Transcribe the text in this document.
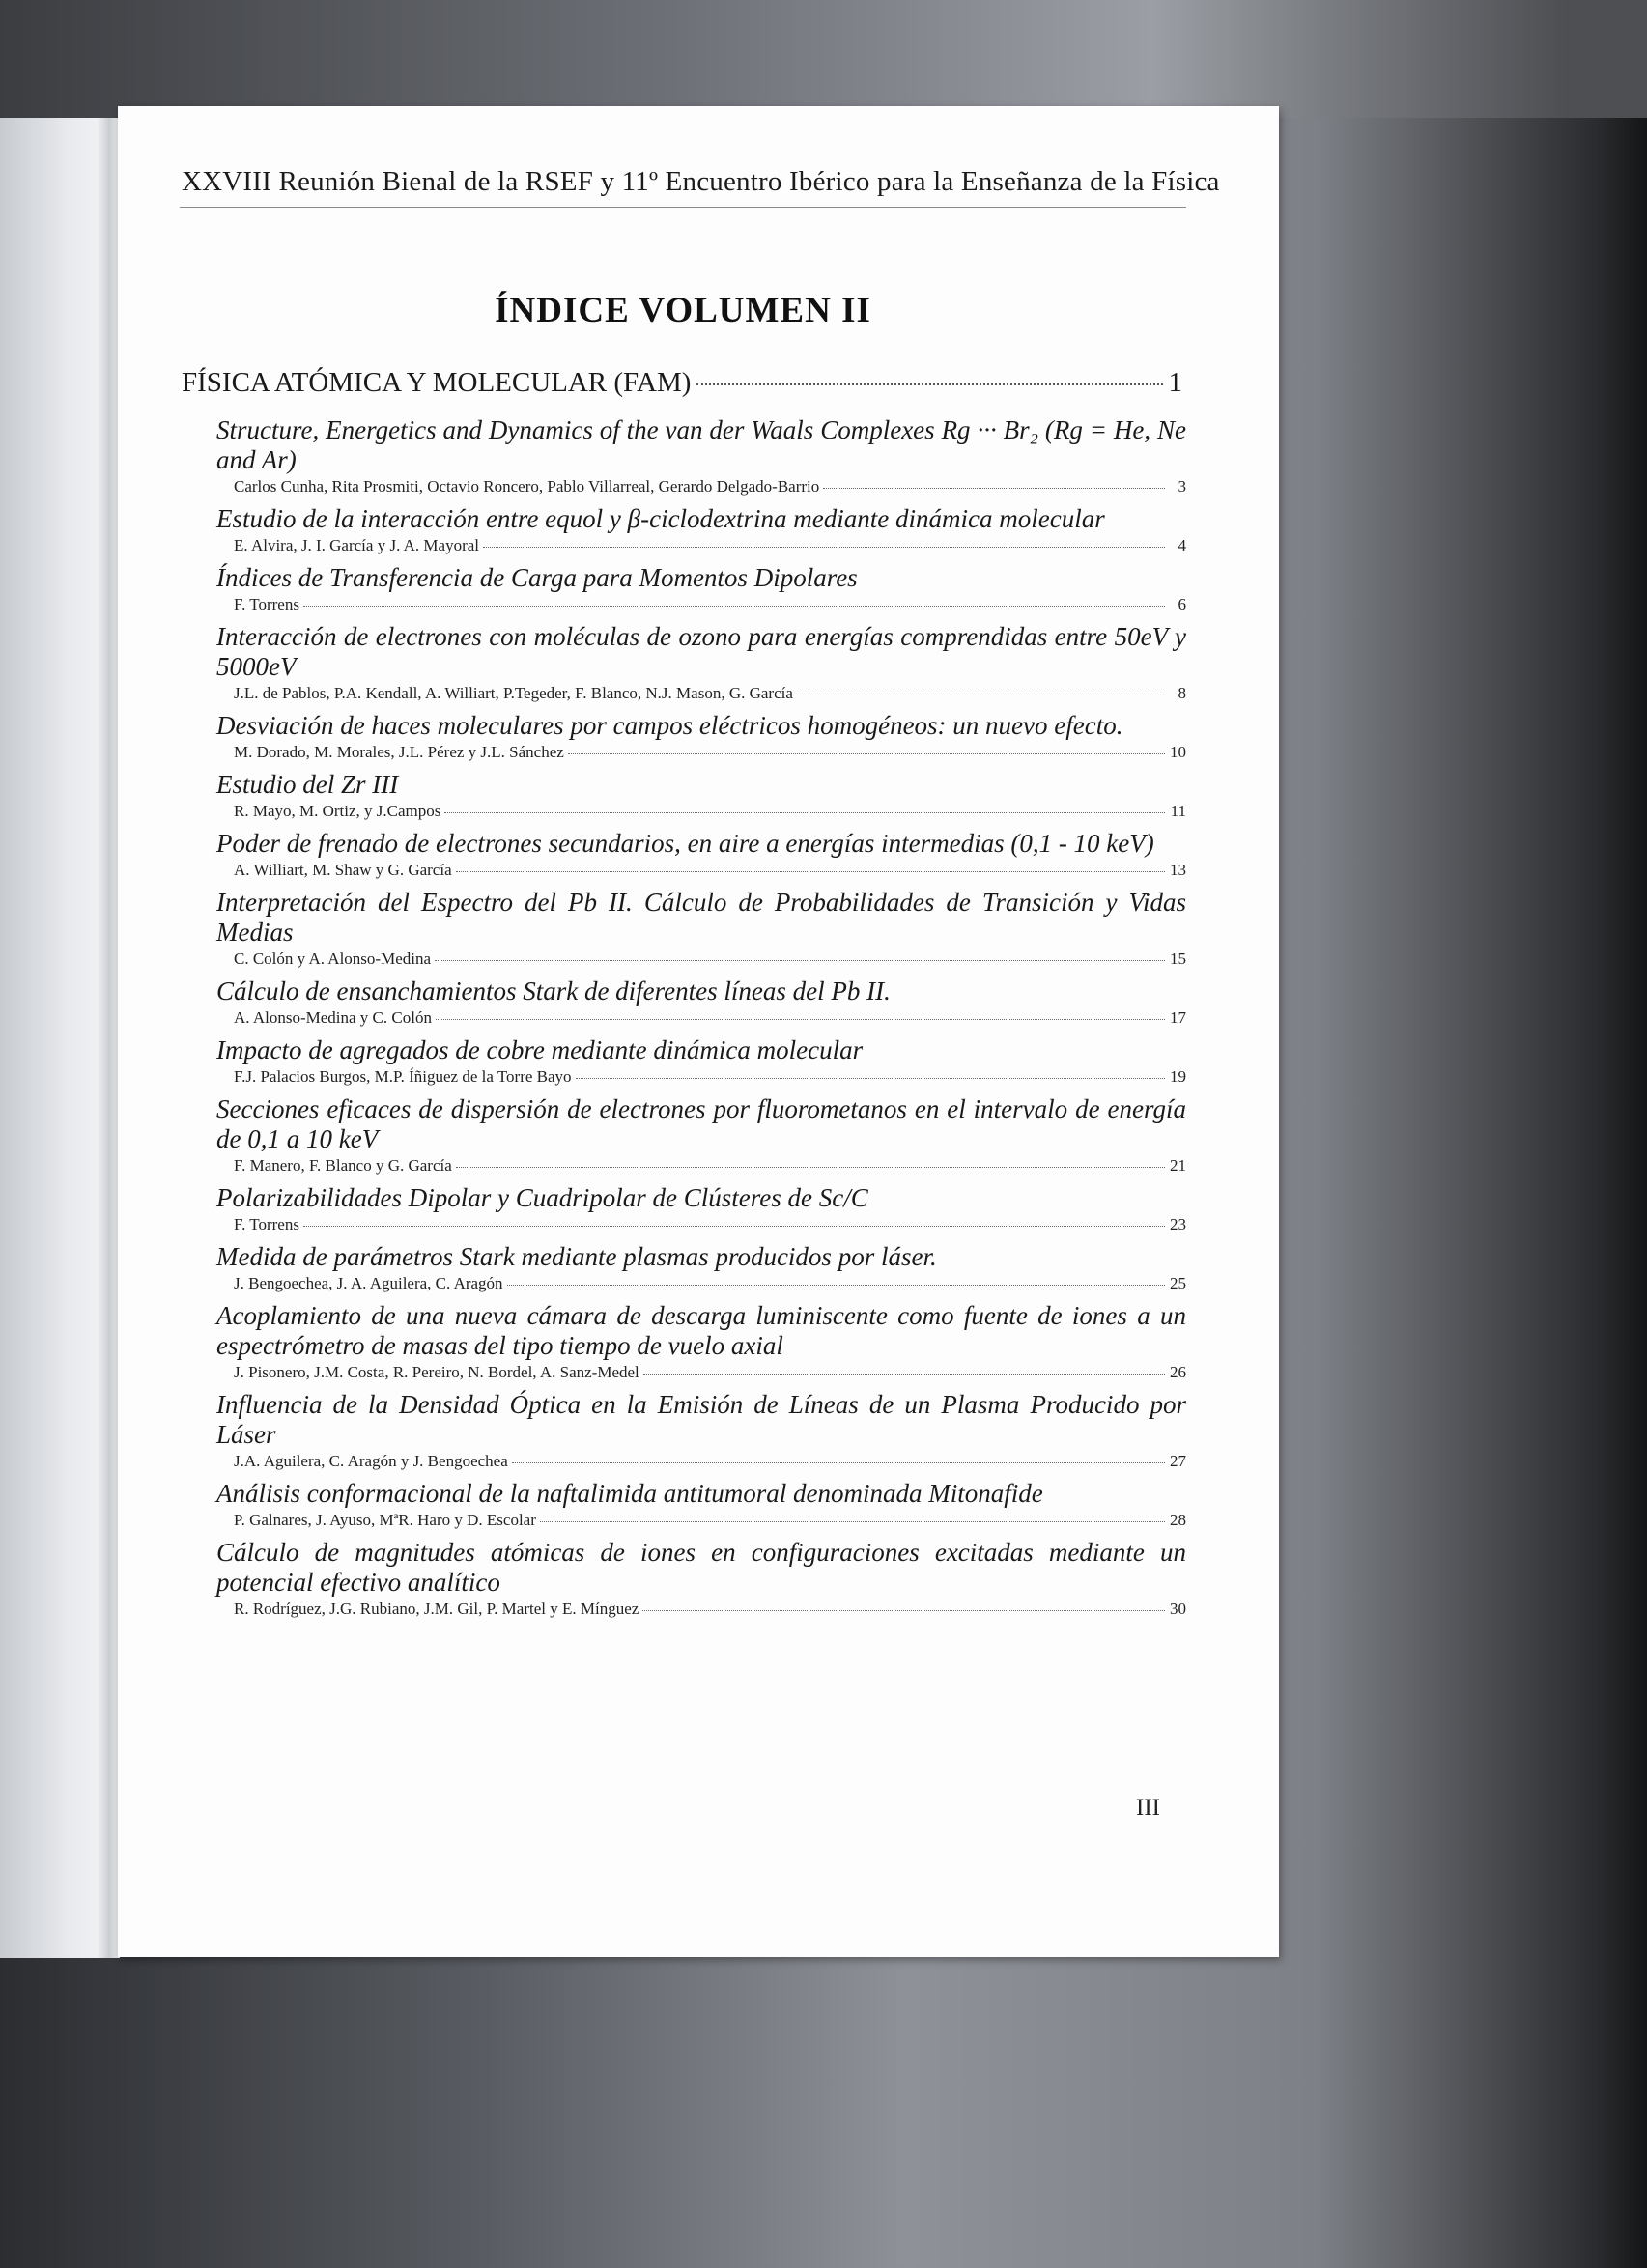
XXVIII Reunión Bienal de la RSEF y 11º Encuentro Ibérico para la Enseñanza de la Física
ÍNDICE VOLUMEN II
FÍSICA ATÓMICA Y MOLECULAR (FAM)	1
Structure, Energetics and Dynamics of the van der Waals Complexes Rg ··· Br₂ (Rg = He, Ne and Ar)
Carlos Cunha, Rita Prosmiti, Octavio Roncero, Pablo Villarreal, Gerardo Delgado-Barrio	3
Estudio de la interacción entre equol y β-ciclodextrina mediante dinámica molecular
E. Alvira, J. I. García y J. A. Mayoral	4
Índices de Transferencia de Carga para Momentos Dipolares
F. Torrens	6
Interacción de electrones con moléculas de ozono para energías comprendidas entre 50eV y 5000eV
J.L. de Pablos, P.A. Kendall, A. Williart, P.Tegeder, F. Blanco, N.J. Mason, G. García	8
Desviación de haces moleculares por campos eléctricos homogéneos: un nuevo efecto.
M. Dorado, M. Morales, J.L. Pérez y J.L. Sánchez	10
Estudio del Zr III
R. Mayo, M. Ortiz, y J.Campos	11
Poder de frenado de electrones secundarios, en aire a energías intermedias (0,1 - 10 keV)
A. Williart, M. Shaw y G. García	13
Interpretación del Espectro del Pb II. Cálculo de Probabilidades de Transición y Vidas Medias
C. Colón y A. Alonso-Medina	15
Cálculo de ensanchamientos Stark de diferentes líneas del Pb II.
A. Alonso-Medina y C. Colón	17
Impacto de agregados de cobre mediante dinámica molecular
F.J. Palacios Burgos, M.P. Íñiguez de la Torre Bayo	19
Secciones eficaces de dispersión de electrones por fluorometanos en el intervalo de energía de 0,1 a 10 keV
F. Manero, F. Blanco y G. García	21
Polarizabilidades Dipolar y Cuadripolar de Clústeres de Sc/C
F. Torrens	23
Medida de parámetros Stark mediante plasmas producidos por láser.
J. Bengoechea, J. A. Aguilera, C. Aragón	25
Acoplamiento de una nueva cámara de descarga luminiscente como fuente de iones a un espectrómetro de masas del tipo tiempo de vuelo axial
J. Pisonero, J.M. Costa, R. Pereiro, N. Bordel, A. Sanz-Medel	26
Influencia de la Densidad Óptica en la Emisión de Líneas de un Plasma Producido por Láser
J.A. Aguilera, C. Aragón y J. Bengoechea	27
Análisis conformacional de la naftalimida antitumoral denominada Mitonafide
P. Galnares, J. Ayuso, MªR. Haro y D. Escolar	28
Cálculo de magnitudes atómicas de iones en configuraciones excitadas mediante un potencial efectivo analítico
R. Rodríguez, J.G. Rubiano, J.M. Gil, P. Martel y E. Mínguez	30
III
